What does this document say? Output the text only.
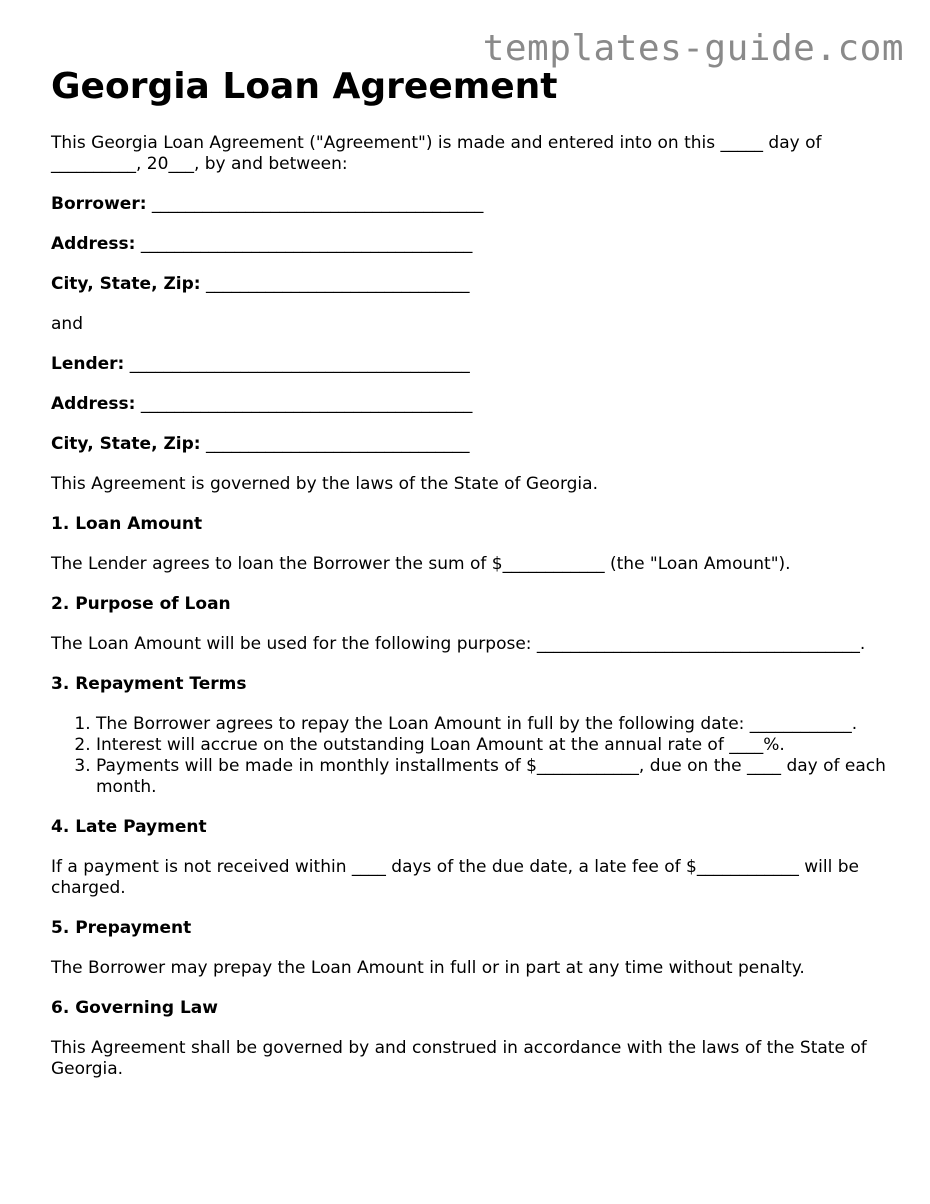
templates-guide.com
Georgia Loan Agreement

This Georgia Loan Agreement ("Agreement") is made and entered into on this _____ day of __________, 20___, by and between:

Borrower: _______________________________________

Address: _______________________________________

City, State, Zip: _______________________________

and

Lender: ________________________________________

Address: _______________________________________

City, State, Zip: _______________________________

This Agreement is governed by the laws of the State of Georgia.

1. Loan Amount

The Lender agrees to loan the Borrower the sum of $____________ (the "Loan Amount").

2. Purpose of Loan

The Loan Amount will be used for the following purpose: ______________________________________.

3. Repayment Terms
1. The Borrower agrees to repay the Loan Amount in full by the following date: ____________.
2. Interest will accrue on the outstanding Loan Amount at the annual rate of ____%.
3. Payments will be made in monthly installments of $____________, due on the ____ day of each month.
4. Late Payment

If a payment is not received within ____ days of the due date, a late fee of $____________ will be charged.

5. Prepayment

The Borrower may prepay the Loan Amount in full or in part at any time without penalty.

6. Governing Law

This Agreement shall be governed by and construed in accordance with the laws of the State of Georgia.
